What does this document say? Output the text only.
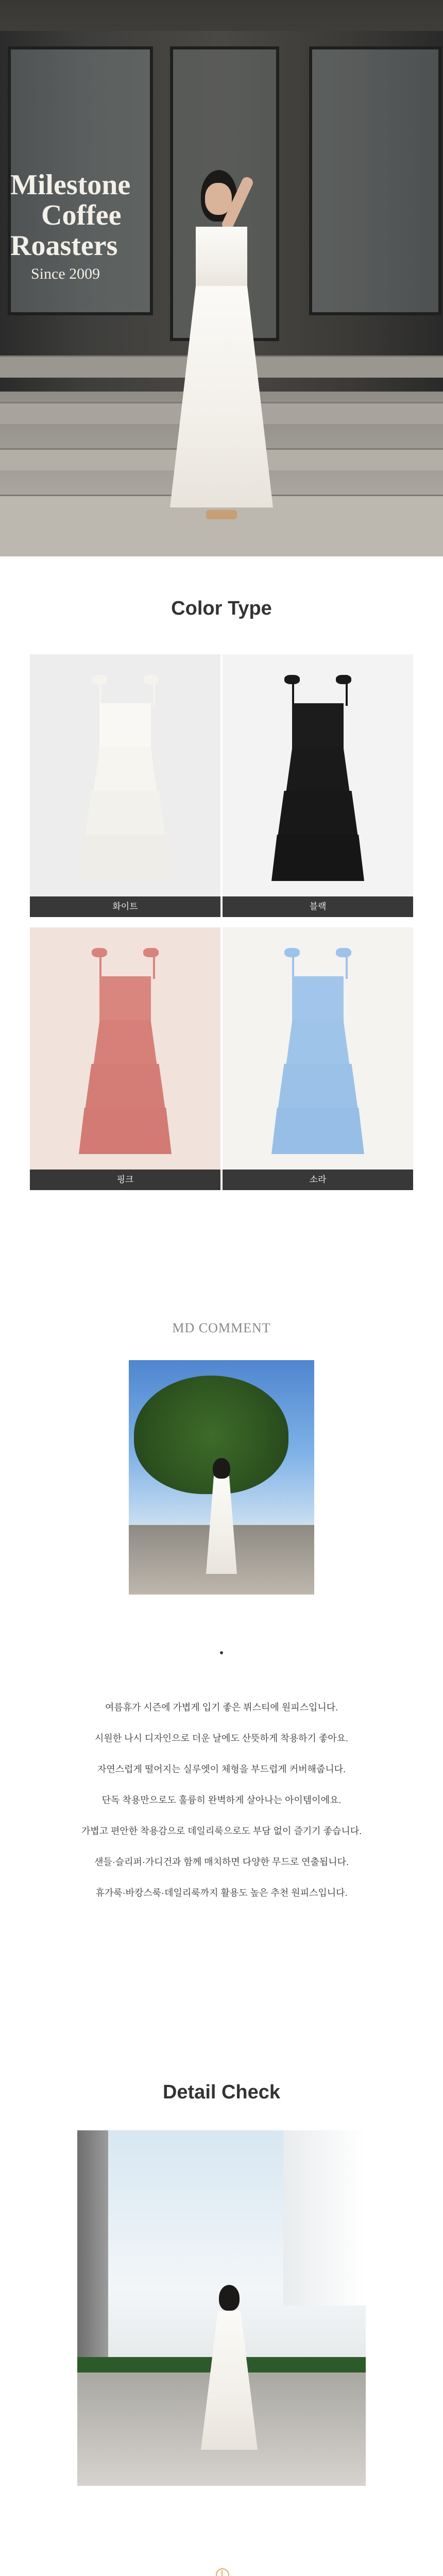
Milestone
Coffee
Roasters
Since 2009
Color Type
화이트	블랙
핑크	소라
MD COMMENT
여름휴가 시즌에 가볍게 입기 좋은 뷔스티에 원피스입니다.
시원한 나시 디자인으로 더운 날에도 산뜻하게 착용하기 좋아요.
자연스럽게 떨어지는 실루엣이 체형을 부드럽게 커버해줍니다.
단독 착용만으로도 훌륭히 완벽하게 살아나는 아이템이에요.
가볍고 편안한 착용감으로 데일리룩으로도 부담 없이 즐기기 좋습니다.
샌들·슬리퍼·가디건과 함께 매치하면 다양한 무드로 연출됩니다.
휴가룩·바캉스룩·데일리룩까지 활용도 높은 추천 원피스입니다.
Detail Check
